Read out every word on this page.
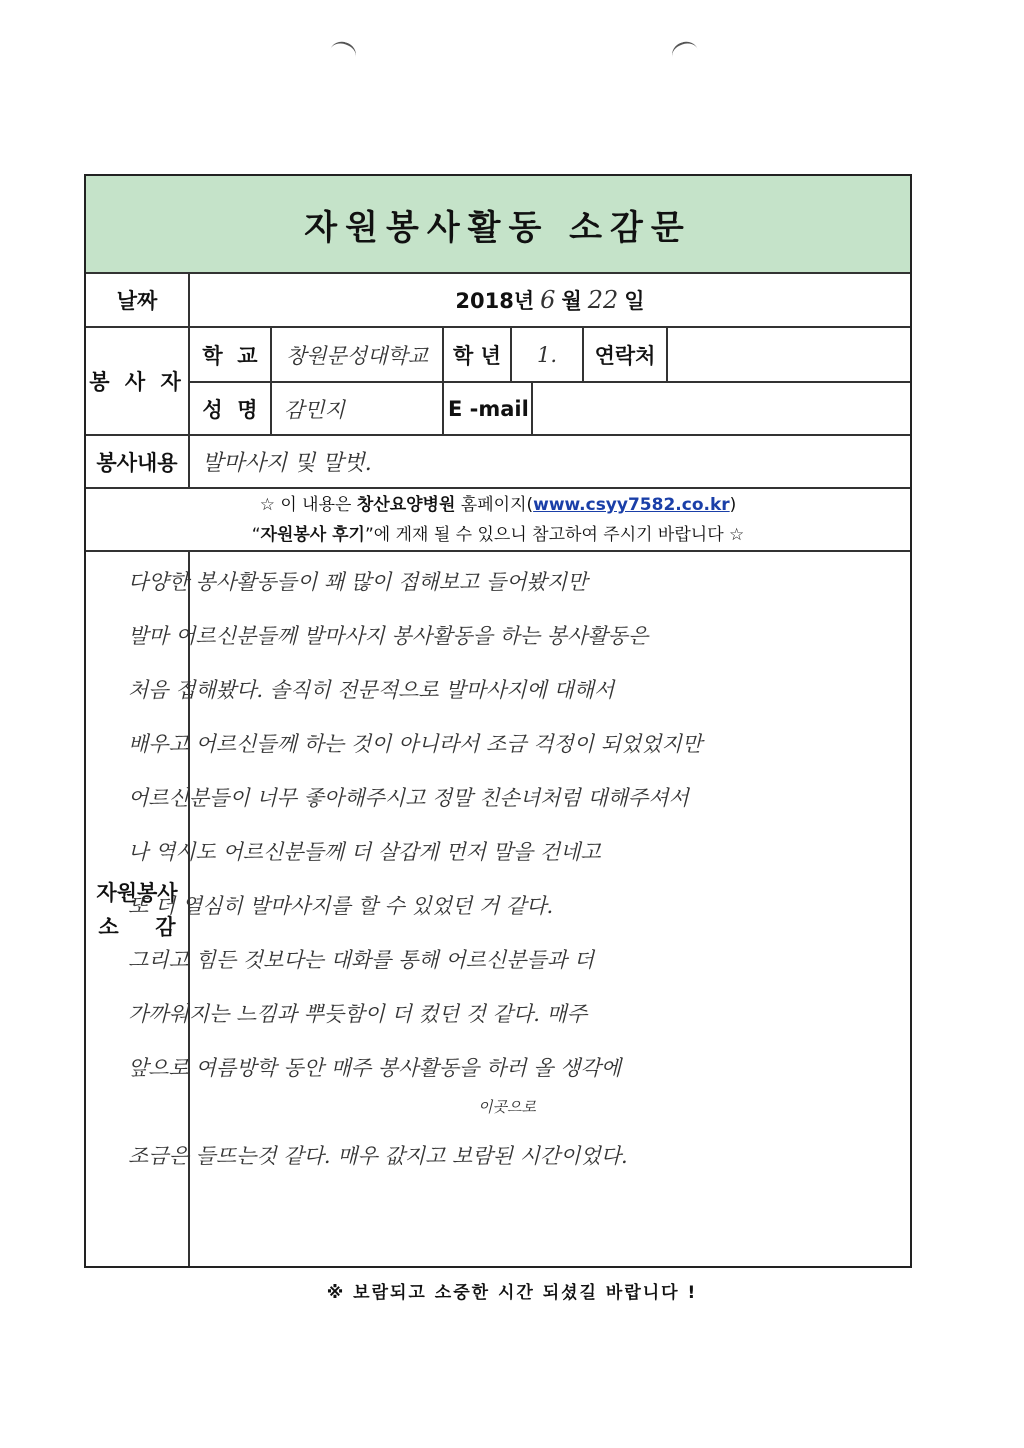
자원봉사활동 소감문
날짜	2018년 6 월 22 일
봉 사 자
학  교	창원문성대학교	학 년	1.	연락처
성  명	감민지	E -mail
봉사내용	발마사지 및 말벗.
☆ 이 내용은 창산요양병원 홈페이지(www.csyy7582.co.kr)
“자원봉사 후기”에 게재 될 수 있으니 참고하여 주시기 바랍니다 ☆
자원봉사
소     감
다양한 봉사활동들이 꽤 많이 접해보고 들어봤지만
발마 어르신분들께 발마사지 봉사활동을 하는 봉사활동은
처음 접해봤다. 솔직히 전문적으로 발마사지에 대해서
배우고 어르신들께 하는 것이 아니라서 조금 걱정이 되었었지만
어르신분들이 너무 좋아해주시고 정말 친손녀처럼 대해주셔서
나 역시도 어르신분들께 더 살갑게 먼저 말을 건네고
또 더 열심히 발마사지를 할 수 있었던 거 같다.
그리고 힘든 것보다는 대화를 통해 어르신분들과 더
가까워지는 느낌과 뿌듯함이 더 컸던 것 같다. 매주
앞으로 여름방학 동안 매주 봉사활동을 하러 올 생각에
이곳으로
조금은 들뜨는것 같다. 매우 값지고 보람된 시간이었다.
※ 보람되고 소중한 시간 되셨길 바랍니다 !
